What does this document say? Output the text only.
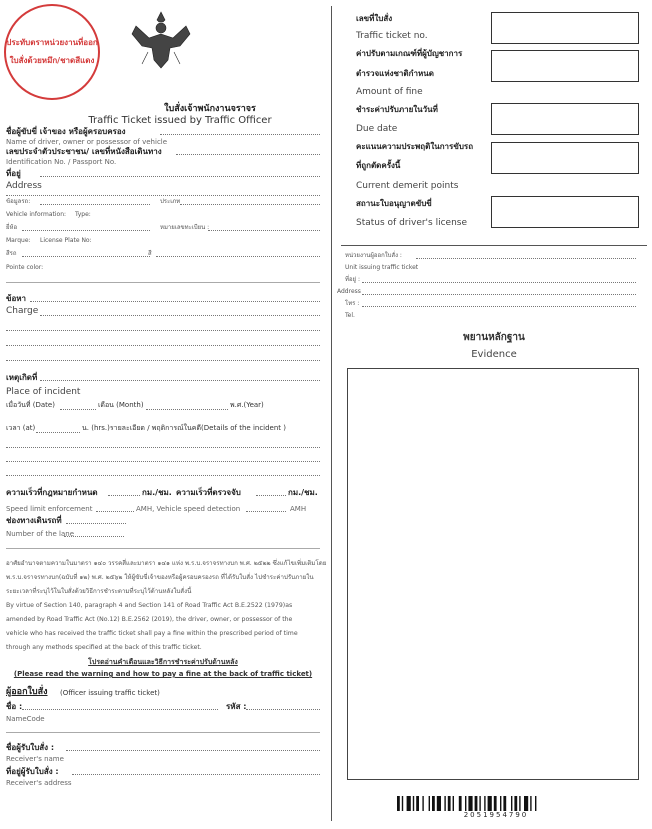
ประทับตราหน่วยงานที่ออก
ใบสั่งด้วยหมึก/ชาดสีแดง
ใบสั่งเจ้าพนักงานจราจร
Traffic Ticket issued by Traffic Officer
ชื่อผู้ขับขี่ เจ้าของ หรือผู้ครอบครอง
Name of driver, owner or possessor of vehicle
เลขประจำตัวประชาชน/ เลขที่หนังสือเดินทาง
Identification No. / Passport No.
ที่อยู่
Address
ข้อมูลรถ:	ประเภท
Vehicle information: Type:
ยี่ห้อ	หมายเลขทะเบียน :
Marque: License Plate No:
สีรถ	สี
Pointe color:
ข้อหา
Charge
เหตุเกิดที่
Place of incident
เมื่อวันที่ (Date)	เดือน (Month)	พ.ศ.(Year)
เวลา (at)	น. (hrs.)รายละเอียด / พฤติการณ์ในคดี(Details of the incident )
ความเร็วที่กฎหมายกำหนด	กม./ชม. ความเร็วที่ตรวจจับ	กม./ชม.
Speed limit enforcement	AMH, Vehicle speed detection	AMH
ช่องทางเดินรถที่
Number of the lane
อาศัยอำนาจตามความในมาตรา ๑๔๐ วรรคสี่และมาตรา ๑๔๑ แห่ง พ.ร.บ.จราจรทางบก พ.ศ. ๒๕๒๒ ซึ่งแก้ไขเพิ่มเติมโดย
พ.ร.บ.จราจรทางบก(ฉบับที่ ๑๒) พ.ศ. ๒๕๖๒ ให้ผู้ขับขี่เจ้าของหรือผู้ครอบครองรถ ที่ได้รับใบสั่ง ไปชำระค่าปรับภายใน
ระยะเวลาที่ระบุไว้ในใบสั่งด้วยวิธีการชำระตามที่ระบุไว้ด้านหลังใบสั่งนี้
By virtue of Section 140, paragraph 4 and Section 141 of Road Traffic Act B.E.2522 (1979)as
amended by Road Traffic Act (No.12) B.E.2562 (2019), the driver, owner, or possessor of the
vehicle who has received the traffic ticket shall pay a fine within the prescribed period of time
through any methods specified at the back of this traffic ticket.
โปรดอ่านคำเตือนและวิธีการชำระค่าปรับด้านหลัง
(Please read the warning and how to pay a fine at the back of traffic ticket)
ผู้ออกใบสั่ง (Officer issuing traffic ticket)
ชื่อ :	รหัส :
NameCode
ชื่อผู้รับใบสั่ง :
Receiver's name
ที่อยู่ผู้รับใบสั่ง :
Receiver's address
เลขที่ใบสั่ง
Traffic ticket no.
ค่าปรับตามเกณฑ์ที่ผู้บัญชาการ
ตำรวจแห่งชาติกำหนด
Amount of fine
ชำระค่าปรับภายในวันที่
Due date
คะแนนความประพฤติในการขับรถ
ที่ถูกตัดครั้งนี้
Current demerit points
สถานะใบอนุญาตขับขี่
Status of driver's license
หน่วยงานผู้ออกใบสั่ง :
Unit issuing traffic ticket
ที่อยู่ :
Address
โทร :
Tel.
พยานหลักฐาน
Evidence
2051954790
